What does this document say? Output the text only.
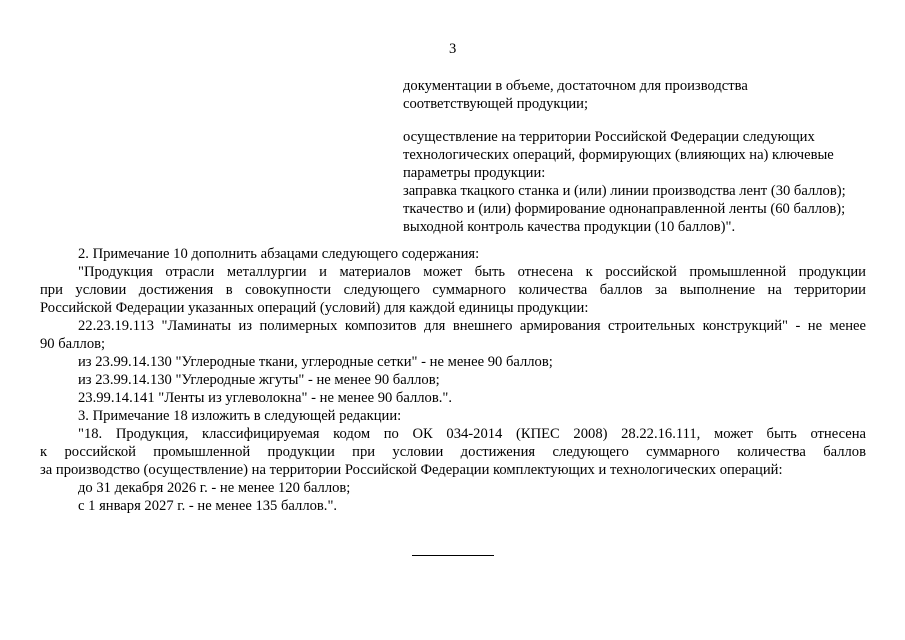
3

документации в объеме, достаточном для производства

соответствующей продукции;

осуществление на территории Российской Федерации следующих

технологических операций, формирующих (влияющих на) ключевые

параметры продукции:

заправка ткацкого станка и (или) линии производства лент (30 баллов);

ткачество и (или) формирование однонаправленной ленты (60 баллов);

выходной контроль качества продукции (10 баллов)".

2. Примечание 10 дополнить абзацами следующего содержания:

"Продукция отрасли металлургии и материалов может быть отнесена к российской промышленной продукции
при условии достижения в совокупности следующего суммарного количества баллов за выполнение на территории
Российской Федерации указанных операций (условий) для каждой единицы продукции:

22.23.19.113 "Ламинаты из полимерных композитов для внешнего армирования строительных конструкций" - не менее
90 баллов;

из 23.99.14.130 "Углеродные ткани, углеродные сетки" - не менее 90 баллов;

из 23.99.14.130 "Углеродные жгуты" - не менее 90 баллов;

23.99.14.141 "Ленты из углеволокна" - не менее 90 баллов.".

3. Примечание 18 изложить в следующей редакции:

"18. Продукция, классифицируемая кодом по ОК 034-2014 (КПЕС 2008) 28.22.16.111, может быть отнесена
к российской промышленной продукции при условии достижения следующего суммарного количества баллов
за производство (осуществление) на территории Российской Федерации комплектующих и технологических операций:

до 31 декабря 2026 г. - не менее 120 баллов;

с 1 января 2027 г. - не менее 135 баллов.".
